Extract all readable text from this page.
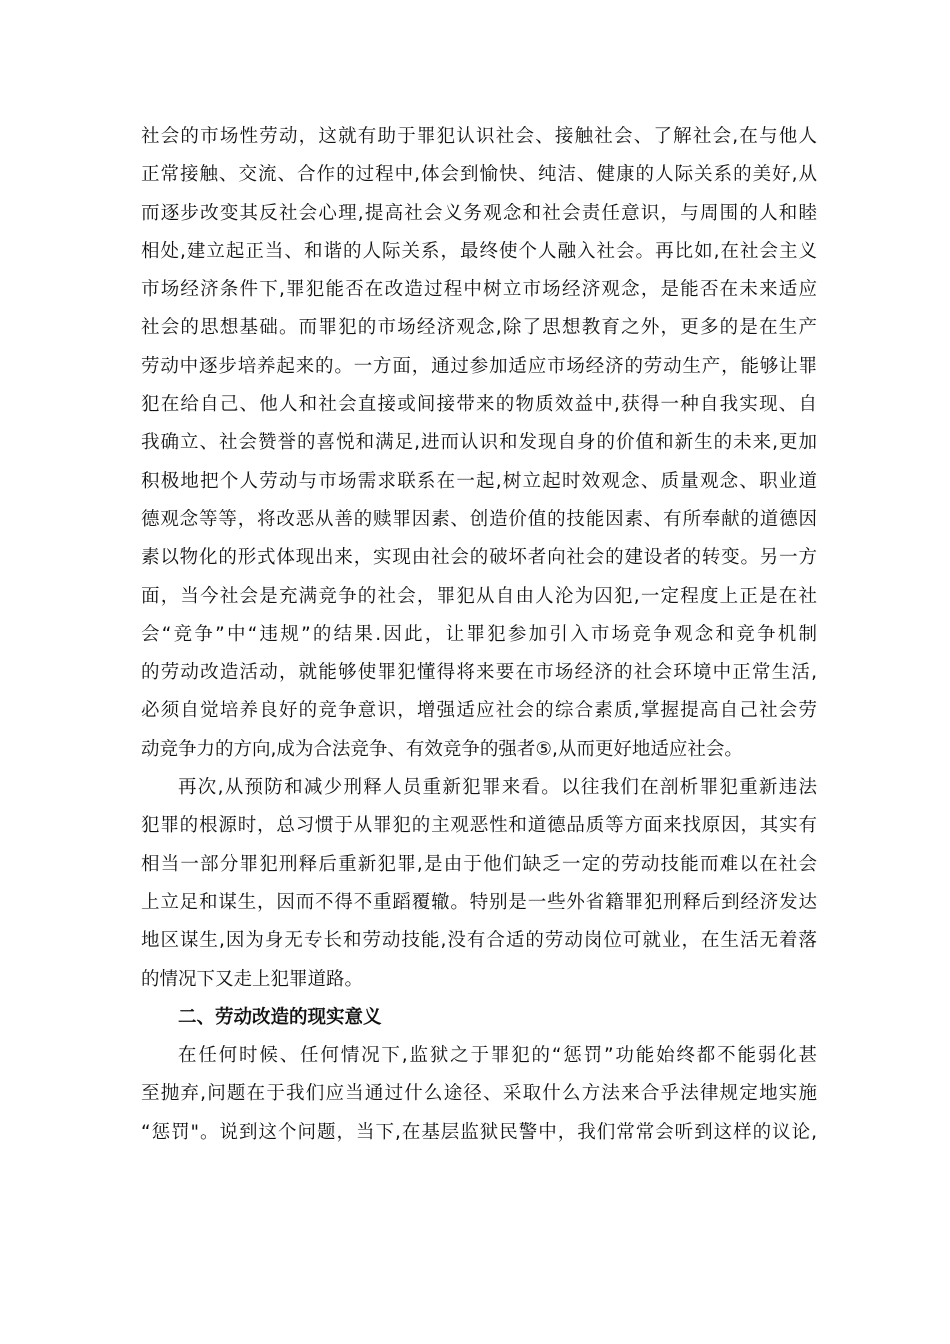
社会的市场性劳动，这就有助于罪犯认识社会、接触社会、了解社会,在与他人
正常接触、交流、合作的过程中,体会到愉快、纯洁、健康的人际关系的美好,从
而逐步改变其反社会心理,提高社会义务观念和社会责任意识，与周围的人和睦
相处,建立起正当、和谐的人际关系，最终使个人融入社会。再比如,在社会主义
市场经济条件下,罪犯能否在改造过程中树立市场经济观念，是能否在未来适应
社会的思想基础。而罪犯的市场经济观念,除了思想教育之外，更多的是在生产
劳动中逐步培养起来的。一方面，通过参加适应市场经济的劳动生产，能够让罪
犯在给自己、他人和社会直接或间接带来的物质效益中,获得一种自我实现、自
我确立、社会赞誉的喜悦和满足,进而认识和发现自身的价值和新生的未来,更加
积极地把个人劳动与市场需求联系在一起,树立起时效观念、质量观念、职业道
德观念等等，将改恶从善的赎罪因素、创造价值的技能因素、有所奉献的道德因
素以物化的形式体现出来，实现由社会的破坏者向社会的建设者的转变。另一方
面，当今社会是充满竞争的社会，罪犯从自由人沦为囚犯,一定程度上正是在社
会“竞争”中“违规”的结果.因此，让罪犯参加引入市场竞争观念和竞争机制
的劳动改造活动，就能够使罪犯懂得将来要在市场经济的社会环境中正常生活,
必须自觉培养良好的竞争意识，增强适应社会的综合素质,掌握提高自己社会劳
动竞争力的方向,成为合法竞争、有效竞争的强者⑤,从而更好地适应社会。
再次,从预防和减少刑释人员重新犯罪来看。以往我们在剖析罪犯重新违法
犯罪的根源时，总习惯于从罪犯的主观恶性和道德品质等方面来找原因，其实有
相当一部分罪犯刑释后重新犯罪,是由于他们缺乏一定的劳动技能而难以在社会
上立足和谋生，因而不得不重蹈覆辙。特别是一些外省籍罪犯刑释后到经济发达
地区谋生,因为身无专长和劳动技能,没有合适的劳动岗位可就业，在生活无着落
的情况下又走上犯罪道路。
二、劳动改造的现实意义
在任何时候、任何情况下,监狱之于罪犯的“惩罚”功能始终都不能弱化甚
至抛弃,问题在于我们应当通过什么途径、采取什么方法来合乎法律规定地实施
“惩罚"。说到这个问题，当下,在基层监狱民警中，我们常常会听到这样的议论,
